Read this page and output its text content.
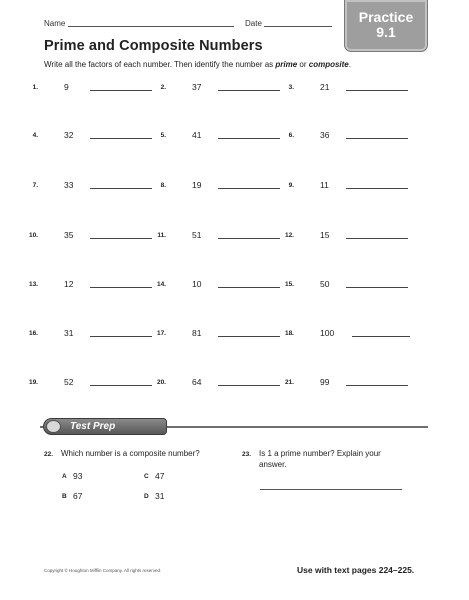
Name	Date	Practice
9.1
Prime and Composite Numbers
Write all the factors of each number. Then identify the number as prime or composite.
1.	9	2.	37	3.	21
4.	32	5.	41	6.	36
7.	33	8.	19	9.	11
10.	35	11.	51	12.	15
13.	12	14.	10	15.	50
16.	31	17.	81	18.	100
19.	52	20.	64	21.	99
Test Prep
22. Which number is a composite number?
A 93	C 47
B 67	D 31
23. Is 1 a prime number? Explain your
answer.
Copyright © Houghton Mifflin Company. All rights reserved.	Use with text pages 224–225.
